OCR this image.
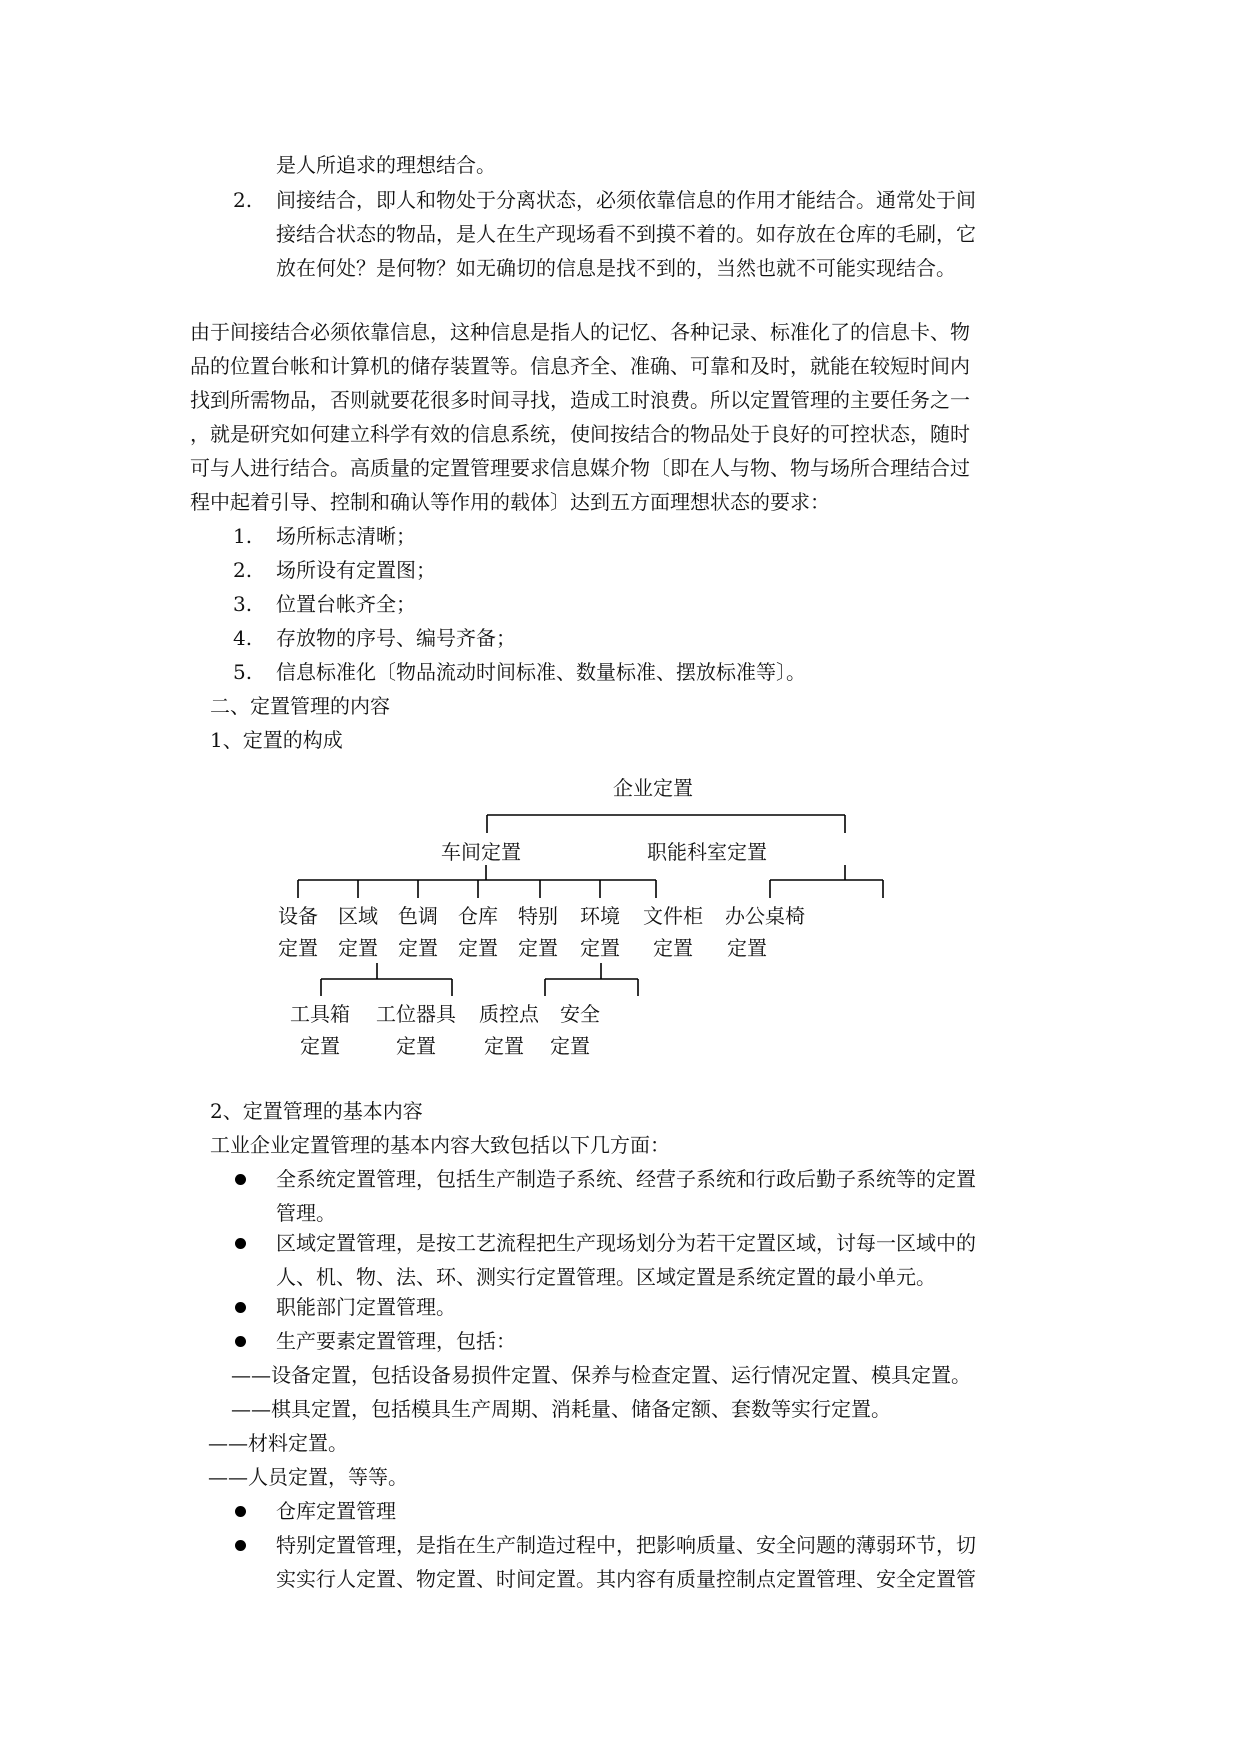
是人所追求的理想结合。
2. 间接结合，即人和物处于分离状态，必须依靠信息的作用才能结合。通常处于间
接结合状态的物品，是人在生产现场看不到摸不着的。如存放在仓库的毛刷，它
放在何处？是何物？如无确切的信息是找不到的，当然也就不可能实现结合。
由于间接结合必须依靠信息，这种信息是指人的记忆、各种记录、标准化了的信息卡、物
品的位置台帐和计算机的储存装置等。信息齐全、准确、可靠和及时，就能在较短时间内
找到所需物品，否则就要花很多时间寻找，造成工时浪费。所以定置管理的主要任务之一
，就是研究如何建立科学有效的信息系统，使间按结合的物品处于良好的可控状态，随时
可与人进行结合。高质量的定置管理要求信息媒介物〔即在人与物、物与场所合理结合过
程中起着引导、控制和确认等作用的载体〕达到五方面理想状态的要求：
1. 场所标志清晰；
2. 场所设有定置图；
3. 位置台帐齐全；
4. 存放物的序号、编号齐备；
5. 信息标准化〔物品流动时间标准、数量标准、摆放标准等〕。
二、定置管理的内容
1、定置的构成
企业定置
车间定置	职能科室定置
设备
定置
区域
定置
色调
定置
仓库
定置
特别
定置
环境
定置
文件柜
定置
办公桌椅
定置
工具箱
定置
工位器具
定置
质控点
定置
安全
定置
2、定置管理的基本内容
工业企业定置管理的基本内容大致包括以下几方面：
全系统定置管理，包括生产制造子系统、经营子系统和行政后勤子系统等的定置
管理。
区域定置管理，是按工艺流程把生产现场划分为若干定置区域，讨每一区域中的
人、机、物、法、环、测实行定置管理。区域定置是系统定置的最小单元。
职能部门定置管理。
生产要素定置管理，包括：
——设备定置，包括设备易损件定置、保养与检查定置、运行情况定置、模具定置。
——棋具定置，包括模具生产周期、消耗量、储备定额、套数等实行定置。
——材料定置。
——人员定置，等等。
仓库定置管理
特别定置管理，是指在生产制造过程中，把影响质量、安全问题的薄弱环节，切
实实行人定置、物定置、时间定置。其内容有质量控制点定置管理、安全定置管
